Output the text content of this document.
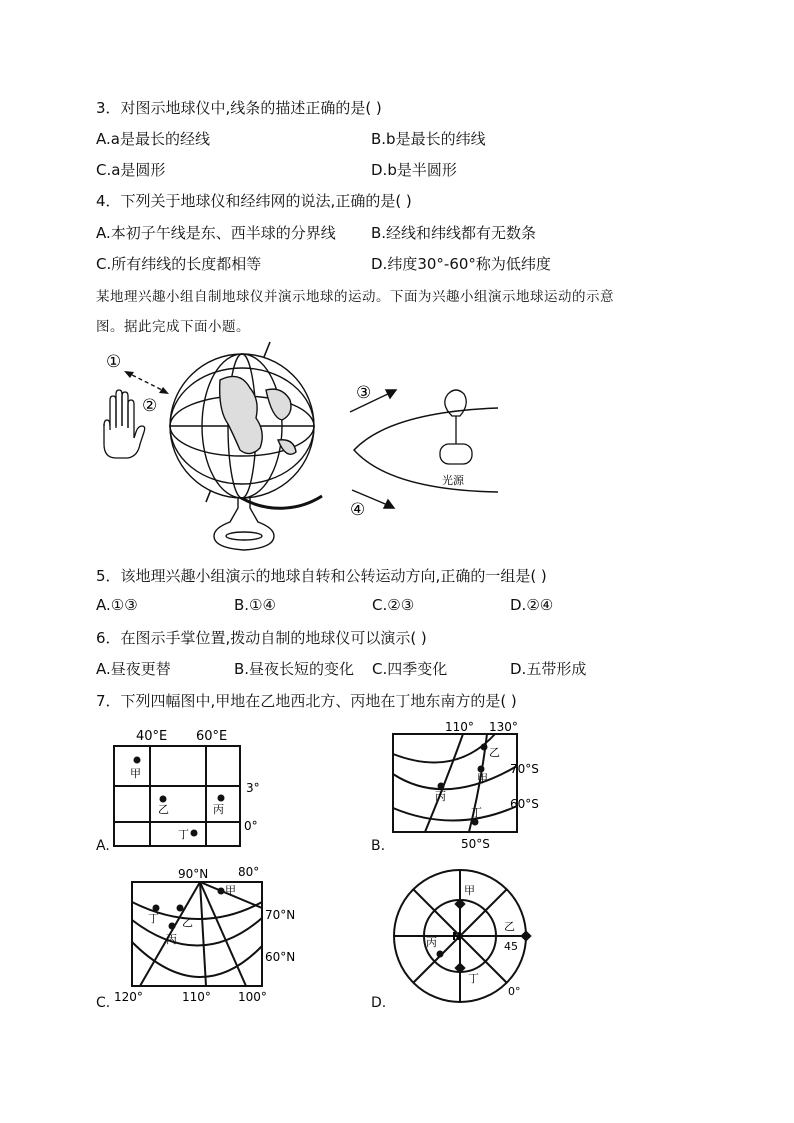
3．对图示地球仪中,线条的描述正确的是( )
A.a是最长的经线	B.b是最长的纬线
C.a是圆形	D.b是半圆形
4．下列关于地球仪和经纬网的说法,正确的是( )
A.本初子午线是东、西半球的分界线 B.经线和纬线都有无数条
C.所有纬线的长度都相等	D.纬度30°-60°称为低纬度
某地理兴趣小组自制地球仪并演示地球的运动。下面为兴趣小组演示地球运动的示意
图。据此完成下面小题。
①
②
③
④
光源
5．该地理兴趣小组演示的地球自转和公转运动方向,正确的一组是( )
A.①③	B.①④	C.②③	D.②④
6．在图示手掌位置,拨动自制的地球仪可以演示( )
A.昼夜更替	B.昼夜长短的变化 C.四季变化	D.五带形成
7．下列四幅图中,甲地在乙地西北方、丙地在丁地东南方的是( )
A.
40°E 60°E
3°
0°
甲
乙	丙
丁
B.
110° 130°
70°S
60°S
50°S
乙
甲
丙
丁
C.
90°N 80°
70°N
60°N
120°	110° 100°
甲
丁 乙
丙
D.
甲
N
乙
45
丙
丁
0°
